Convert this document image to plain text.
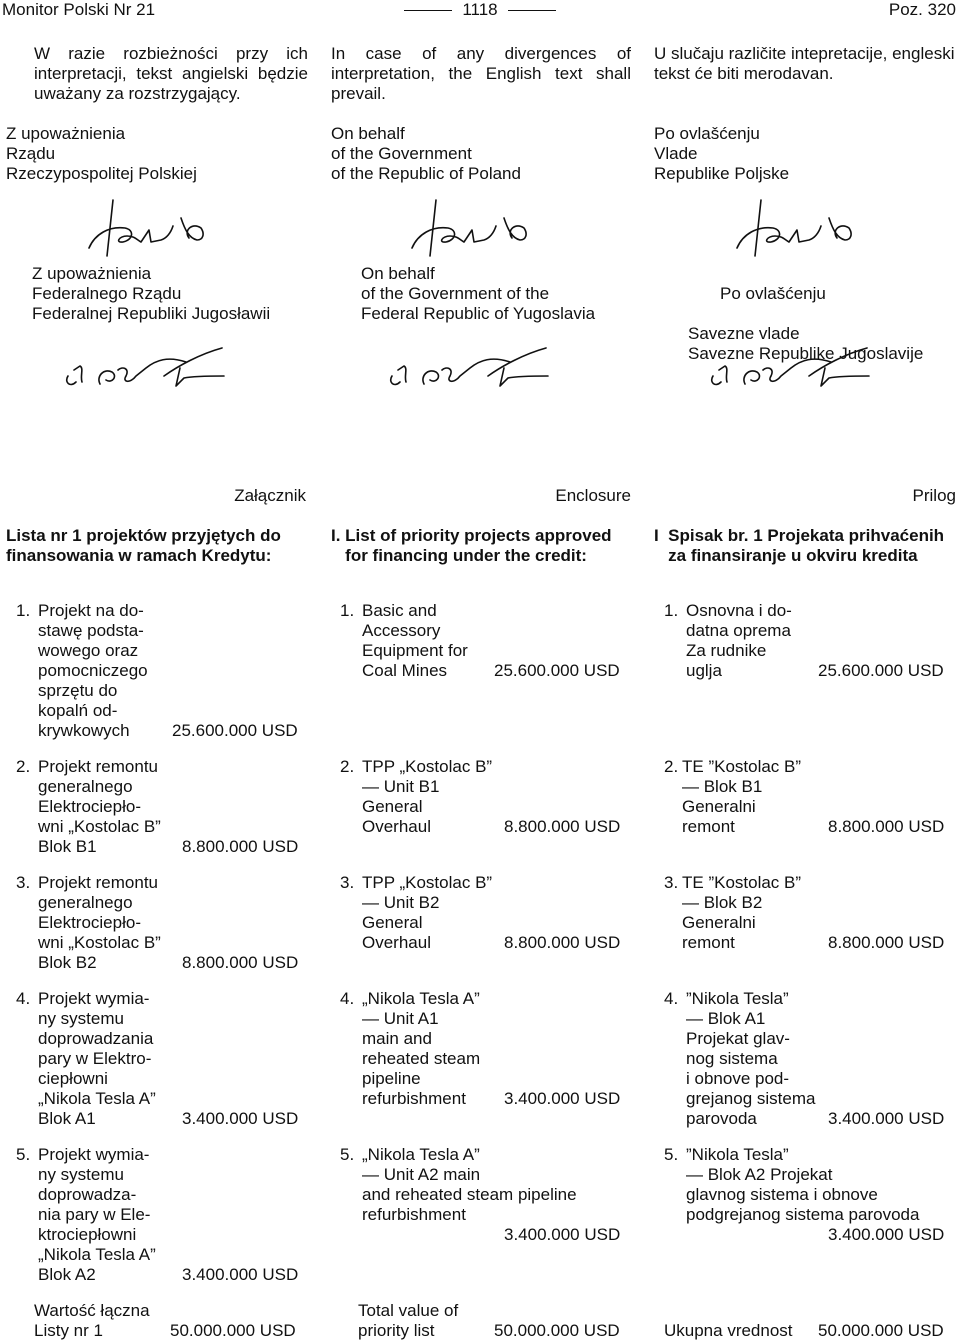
Monitor Polski Nr 21	1118	Poz. 320
W razie rozbieżności przy ich interpretacji, tekst angielski będzie uważany za rozstrzygający.
In case of any divergences of interpretation, the English text shall prevail.
U slučaju različite intepretacije, engleski tekst će biti merodavan.
Z upoważnienia
Rządu
Rzeczypospolitej Polskiej
On behalf
of the Government
of the Republic of Poland
Po ovlašćenju
Vlade
Republike Poljske
Z upoważnienia
Federalnego Rządu
Federalnej Republiki Jugosławii
On behalf
of the Government of the
Federal Republic of Yugoslavia

Po ovlašćenju

Savezne vlade
Savezne Republike Jugoslavije

Załącznik	Enclosure	Prilog
Lista nr 1 projektów przyjętych do
finansowania w ramach Kredytu:
I. List of priority projects approved
for financing under the credit:
I  Spisak br. 1 Projekata prihvaćenih
za finansiranje u okviru kredita
1. Projekt na do-
stawę podsta-
wowego oraz
pomocniczego
sprzętu do
kopalń od-
krywkowych	25.600.000 USD
2. Projekt remontu
generalnego
Elektrociepło-
wni „Kostolac B”
Blok B1	8.800.000 USD
3. Projekt remontu
generalnego
Elektrociepło-
wni „Kostolac B”
Blok B2	8.800.000 USD
4. Projekt wymia-
ny systemu
doprowadzania
pary w Elektro-
ciepłowni
„Nikola Tesla A”
Blok A1	3.400.000 USD
5. Projekt wymia-
ny systemu
doprowadza-
nia pary w Ele-
ktrociepłowni
„Nikola Tesla A”
Blok A2	3.400.000 USD
Wartość łączna
Listy nr 1	50.000.000 USD
1. Basic and
Accessory
Equipment for
Coal Mines	25.600.000 USD
2. TPP „Kostolac B”
— Unit B1
General
Overhaul	8.800.000 USD
3. TPP „Kostolac B”
— Unit B2
General
Overhaul	8.800.000 USD
4. „Nikola Tesla A”
— Unit A1
main and
reheated steam
pipeline
refurbishment	3.400.000 USD
5. „Nikola Tesla A”
— Unit A2 main
and reheated steam pipeline
refurbishment
3.400.000 USD
Total value of
priority list	50.000.000 USD
1. Osnovna i do-
datna oprema
Za rudnike
uglja	25.600.000 USD
2. TE ”Kostolac B”
— Blok B1
Generalni
remont	8.800.000 USD
3. TE ”Kostolac B”
— Blok B2
Generalni
remont	8.800.000 USD
4. ”Nikola Tesla”
— Blok A1
Projekat glav-
nog sistema
i obnove pod-
grejanog sistema
parovoda	3.400.000 USD
5. ”Nikola Tesla”
— Blok A2 Projekat
glavnog sistema i obnove
podgrejanog sistema parovoda
3.400.000 USD
Ukupna vrednost 50.000.000 USD
